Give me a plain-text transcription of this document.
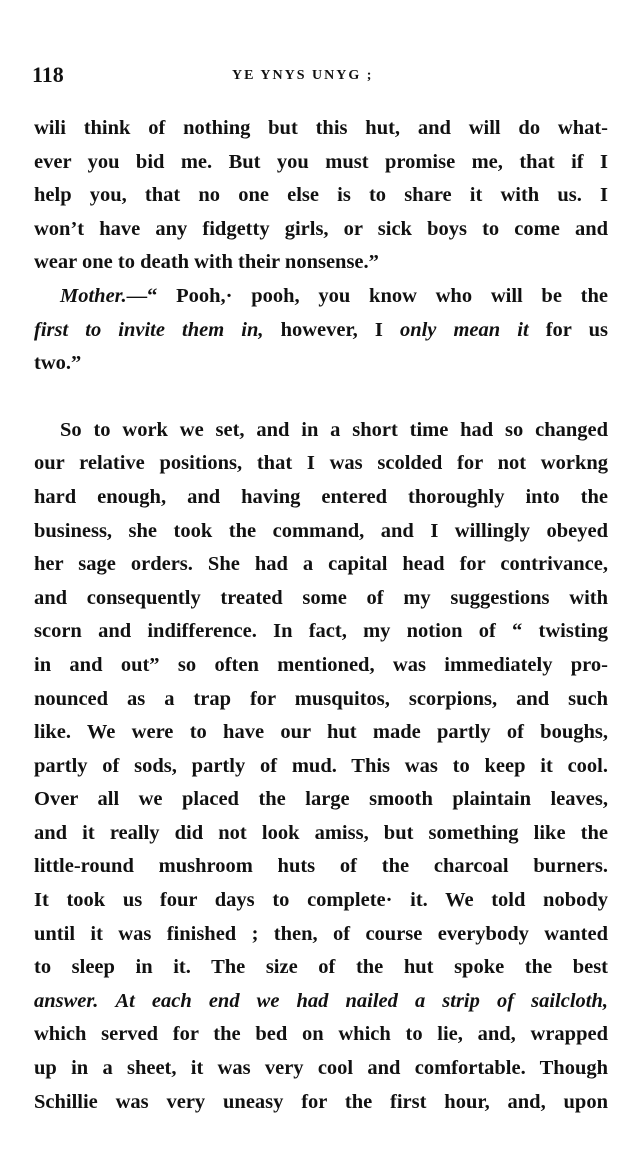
118	YE YNYS UNYG ;
wili think of nothing but this hut, and will do what-
ever you bid me. But you must promise me, that if I
help you, that no one else is to share it with us. I
won’t have any fidgetty girls, or sick boys to come and
wear one to death with their nonsense.”
Mother.—“ Pooh,· pooh, you know who will be the
first to invite them in, however, I only mean it for us
two.”
So to work we set, and in a short time had so changed
our relative positions, that I was scolded for not workng
hard enough, and having entered thoroughly into the
business, she took the command, and I willingly obeyed
her sage orders. She had a capital head for contrivance,
and consequently treated some of my suggestions with
scorn and indifference. In fact, my notion of “ twisting
in and out” so often mentioned, was immediately pro-
nounced as a trap for musquitos, scorpions, and such
like. We were to have our hut made partly of boughs,
partly of sods, partly of mud. This was to keep it cool.
Over all we placed the large smooth plaintain leaves,
and it really did not look amiss, but something like the
little-round mushroom huts of the charcoal burners.
It took us four days to complete· it. We told nobody
until it was finished ; then, of course everybody wanted
to sleep in it. The size of the hut spoke the best
answer. At each end we had nailed a strip of sailcloth,
which served for the bed on which to lie, and, wrapped
up in a sheet, it was very cool and comfortable. Though
Schillie was very uneasy for the first hour, and, upon
